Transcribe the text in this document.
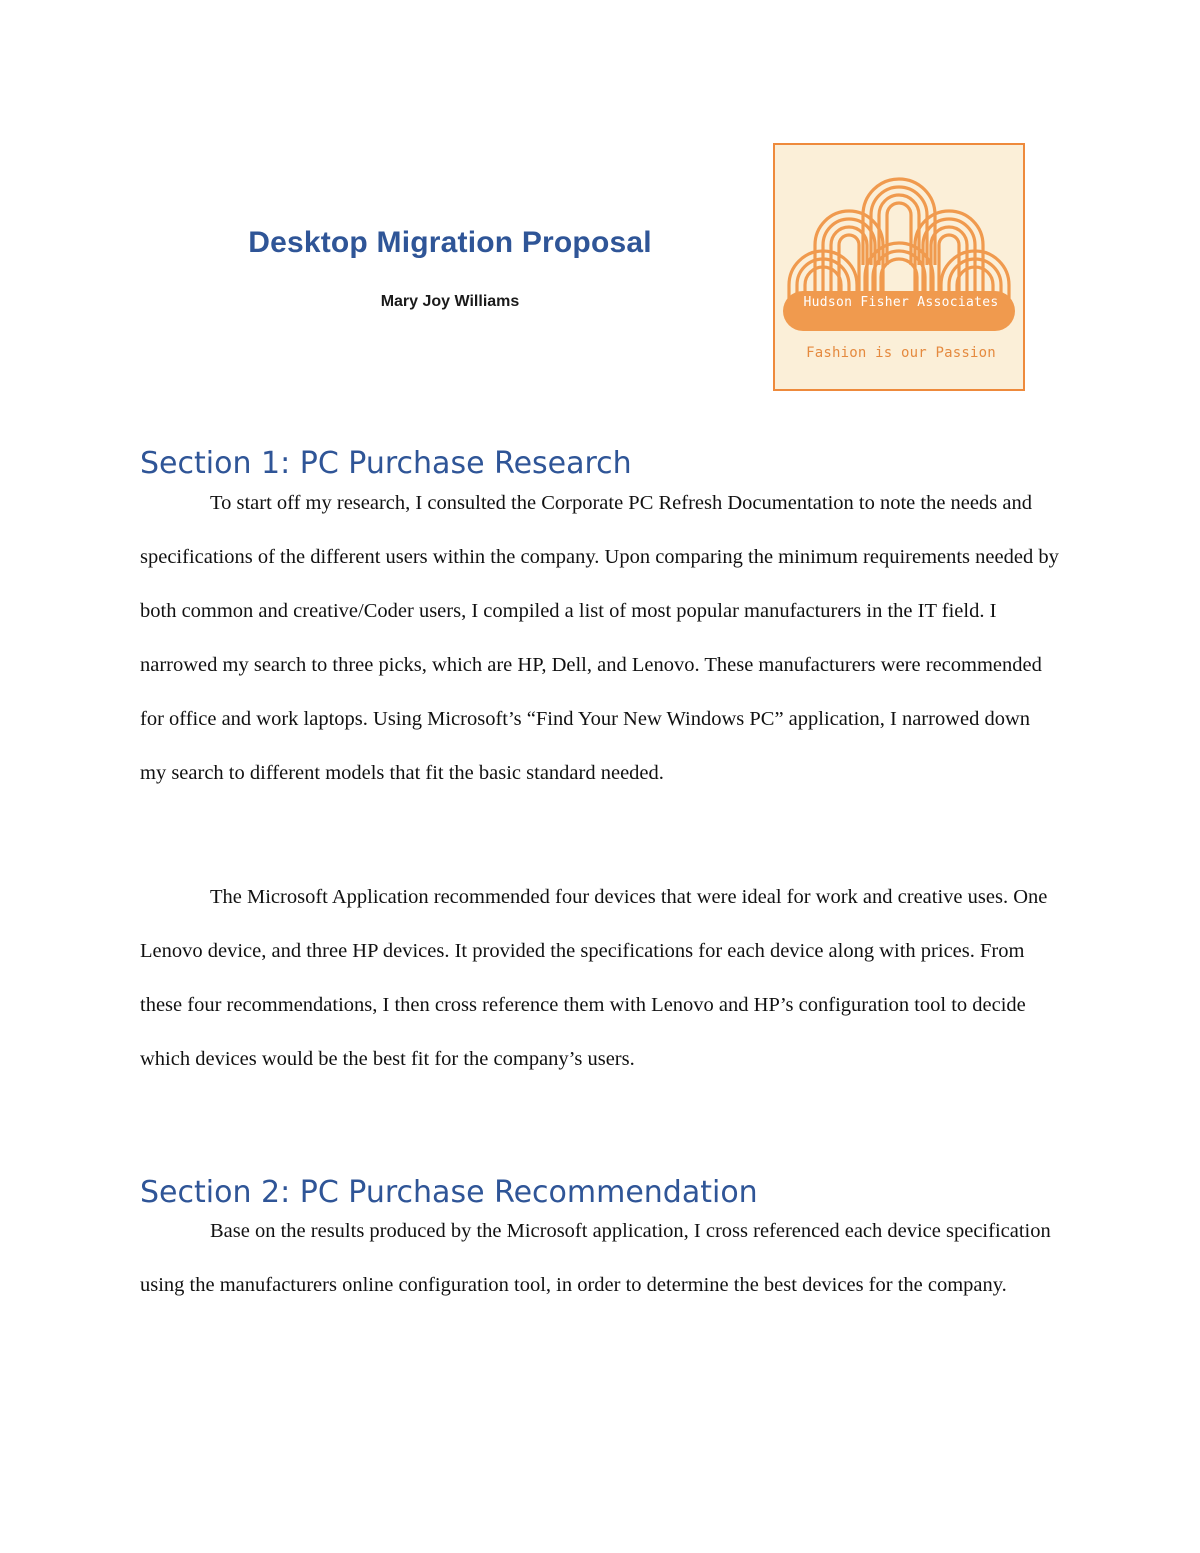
Desktop Migration Proposal

Mary Joy Williams	Hudson Fisher Associates
Fashion is our Passion
Section 1: PC Purchase Research

To start off my research, I consulted the Corporate PC Refresh Documentation to note the needs and specifications of the different users within the company. Upon comparing the minimum requirements needed by both common and creative/Coder users, I compiled a list of most popular manufacturers in the IT field. I narrowed my search to three picks, which are HP, Dell, and Lenovo. These manufacturers were recommended for office and work laptops. Using Microsoft’s “Find Your New Windows PC” application, I narrowed down my search to different models that fit the basic standard needed.

The Microsoft Application recommended four devices that were ideal for work and creative uses. One Lenovo device, and three HP devices. It provided the specifications for each device along with prices. From these four recommendations, I then cross reference them with Lenovo and HP’s configuration tool to decide which devices would be the best fit for the company’s users.

Section 2: PC Purchase Recommendation

Base on the results produced by the Microsoft application, I cross referenced each device specification using the manufacturers online configuration tool, in order to determine the best devices for the company.
